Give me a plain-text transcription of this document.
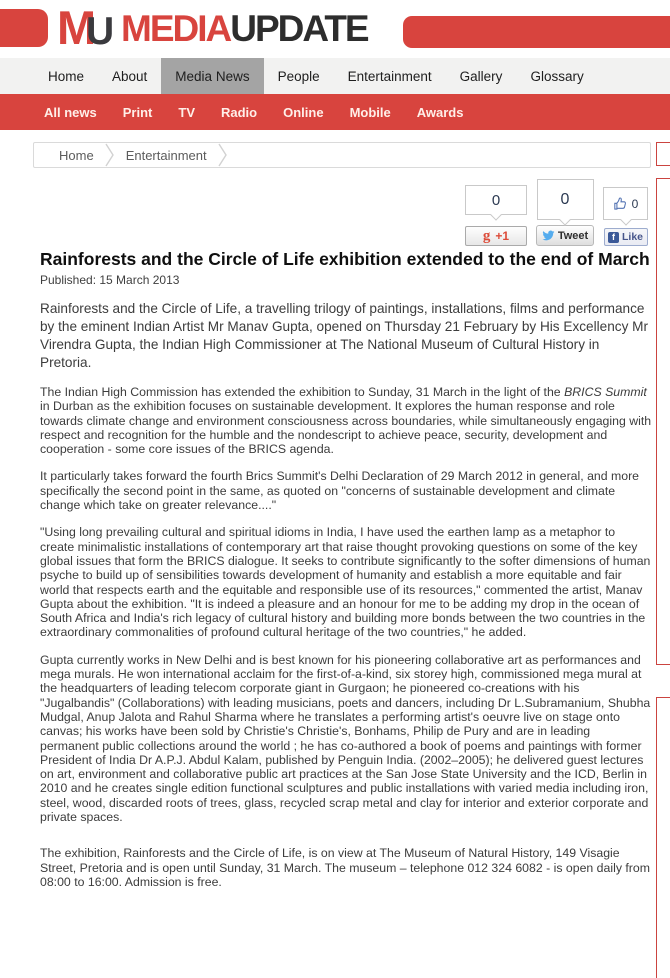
M
U MEDIAUPDATE
Home	About	Media News	People	Entertainment	Gallery	Glossary
All news	Print	TV	Radio	Online	Mobile	Awards
Home	Entertainment
0
g +1
0
Tweet
0
f Like
Rainforests and the Circle of Life exhibition extended to the end of March
Published: 15 March 2013
Rainforests and the Circle of Life, a travelling trilogy of paintings, installations, films and performance by the eminent Indian Artist Mr Manav Gupta, opened on Thursday 21 February by His Excellency Mr Virendra Gupta, the Indian High Commissioner at The National Museum of Cultural History in Pretoria.
The Indian High Commission has extended the exhibition to Sunday, 31 March in the light of the BRICS Summit in Durban as the exhibition focuses on sustainable development. It explores the human response and role towards climate change and environment consciousness across boundaries, while simultaneously engaging with respect and recognition for the humble and the nondescript to achieve peace, security, development and cooperation - some core issues of the BRICS agenda.
It particularly takes forward the fourth Brics Summit's Delhi Declaration of 29 March 2012 in general, and more specifically the second point in the same, as quoted on "concerns of sustainable development and climate change which take on greater relevance...."
"Using long prevailing cultural and spiritual idioms in India, I have used the earthen lamp as a metaphor to create minimalistic installations of contemporary art that raise thought provoking questions on some of the key global issues that form the BRICS dialogue. It seeks to contribute significantly to the softer dimensions of human psyche to build up of sensibilities towards development of humanity and establish a more equitable and fair world that respects earth and the equitable and responsible use of its resources," commented the artist, Manav Gupta about the exhibition. "It is indeed a pleasure and an honour for me to be adding my drop in the ocean of South Africa and India's rich legacy of cultural history and building more bonds between the two countries in the extraordinary commonalities of profound cultural heritage of the two countries," he added.
Gupta currently works in New Delhi and is best known for his pioneering collaborative art as performances and mega murals. He won international acclaim for the first-of-a-kind, six storey high, commissioned mega mural at the headquarters of leading telecom corporate giant in Gurgaon; he pioneered co-creations with his "Jugalbandis" (Collaborations) with leading musicians, poets and dancers, including Dr L.Subramanium, Shubha Mudgal, Anup Jalota and Rahul Sharma where he translates a performing artist's oeuvre live on stage onto canvas; his works have been sold by Christie's Christie's, Bonhams, Philip de Pury and are in leading permanent public collections around the world ; he has co-authored a book of poems and paintings with former President of India Dr A.P.J. Abdul Kalam, published by Penguin India. (2002–2005); he delivered guest lectures on art, environment and collaborative public art practices at the San Jose State University and the ICD, Berlin in 2010 and he creates single edition functional sculptures and public installations with varied media including iron, steel, wood, discarded roots of trees, glass, recycled scrap metal and clay for interior and exterior corporate and private spaces.
The exhibition, Rainforests and the Circle of Life, is on view at The Museum of Natural History, 149 Visagie Street, Pretoria and is open until Sunday, 31 March. The museum – telephone 012 324 6082 - is open daily from 08:00 to 16:00. Admission is free.
